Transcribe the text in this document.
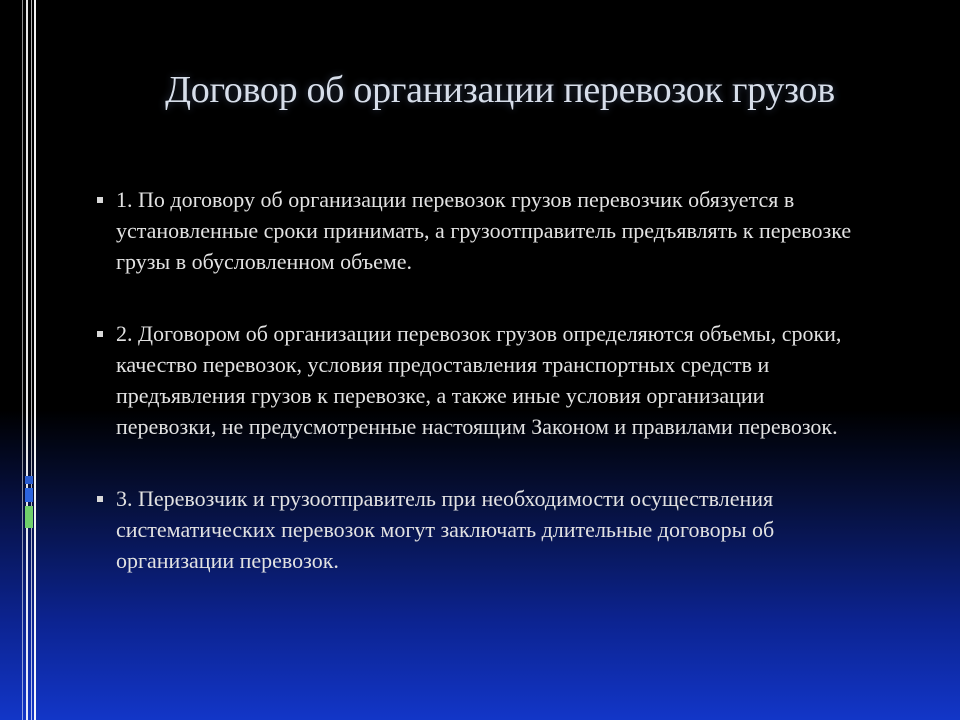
Договор об организации перевозок грузов
1. По договору об организации перевозок грузов перевозчик обязуется в установленные сроки принимать, а грузоотправитель предъявлять к перевозке грузы в обусловленном объеме.
2. Договором об организации перевозок грузов определяются объемы, сроки, качество перевозок, условия предоставления транспортных средств и предъявления грузов к перевозке, а также иные условия организации перевозки, не предусмотренные настоящим Законом и правилами перевозок.
3. Перевозчик и грузоотправитель при необходимости осуществления систематических перевозок могут заключать длительные договоры об организации перевозок.
